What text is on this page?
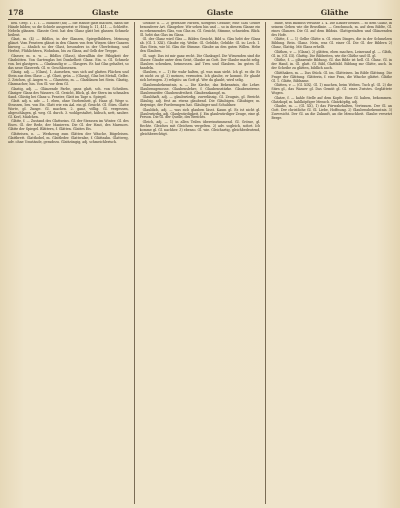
178	Glaste	Glaste	Gläthe

heil. Gesp. 1. 1. 1. — Bildlose (hd) — die Hände glatt machen, dann die Hände bilden; so die Schiele ausgesetzt w. Hönig b. 11, 411. — Schleifte. Nebeln glänzen. Glasste Gest. hat den Glanz glatt bei glassen Schmelz heileut.

Glast, m. (4) — Bildlos, in der Glanzen, Spiegelbildern, Meinung glänzt. Vom Fenstern glänzt in den Glasen von fern Wiesen über Ganzen hinweg — ähnlich so der Glast, besonders in der Überleitung, und Herbst, Flühlichtern, Wohnbau, bis zu Glanz, auf Gelb der Treppe.

Glasser, m. u. w. — Bildlos (Glass), überallhin der Fähigkeit der Glashütten. Von Gartenglas bei Dunkelheit Glanz. Ein. u. Gl. Schmelz von. bei glastgern. — Glaskundig w. — Glasgers. Er. hat Glas gehaltet, so das neue Glaswerk. Gl. w. Geschlossenen.

Glasig. adj. — (Glass), 1. Aussehen, was sich auf glatten Flächen und Stein aus dem Glase — gl. Glast, grün — (Glasig), Glas bei Metall, Gelbe. 2. Zeichen, gl. Augen w. — Glasstein, m. — Glasblasen bei Stein. Glastig, Glasmacher, hin. Von Gl. vor dem Gl.

Glastig, adj. — Glänzende Farbe, ganz glatt, sch. von Scheiben. Glasiger Glanz des Wassers. Gl. Gesicht, Blick, gl. der Stern im schmalen Sand. Glästig bei Glanz u. Fenster, Glatt im Tage u. Spiegel.

Glatt. adj. u. adv. — 1. eben, ohne Unebenheit, gl. Haar. gl. Wege u. Strassen, bes. von Eis. Glatt wie ein Aal. ein gl. Gesicht. Gl. Stirn. Glatte Worte, gl. Zunge. Gl. machen. 2. ganz, völlig. Gl. vergessen, abgeschlagen, gl. weg. Gl. durch. 3. wohlgestaltet, hübsch, nett, sauber. Gl. Kerl, Mädchen.

Glätte, f. — Zustand des Glattseins. Gl. der Strassen im Winter. Gl. des Eises. Gl. der Rede, der Manieren. Die Gl. der Haut, des Marmors. Glätte der Spiegel. Blättern, f. Glätten. Glattes Eis.

Glätteisen, n. — Werkzeug zum Glätten der Wäsche, Bügeleisen. Glattbrett. Glatthobel, m. Glattleder. Glattwalze, f. Glättzahn. Glattweg, adv. ohne Umstände, geradezu. Glattzüngig, adj. schmeichlerisch.

Gebilde u. — 2) gewählte Farben, übrigens Gebilde; eine Glas Gebiet besonderer Art. Glasgeber. Wir sehen hin und ... so in diesem Glanze ein zu erkennendes Glas, von Glas zu. Gl. Gesicht, Stimme, schneiden. Blick. Gl. hebt das Glas im Glanz.

Gl. der Glanz wird Glas — Bilden Gesicht, Bild u. Glas hebt der Glanz ab. (Gl. 1. XXI). Glaube eig. Weibe. Gl. Gebilde, Gebilde: Gl. in: Lecb. 1. Glas Stein, wie bl. Glas die Stimme. Glaube an den guten Willen. Hebe den Glauben.

Gl. sagt: Das ist mir ganz recht. Die Glaskugel. Die Wissenden sind die Glaser. Glaube unter dem Geist, Glaube an Gott. Der Glaube macht selig. Glauben schenken, beimessen. Auf Treu und Glauben. Im guten Gl. handeln.

Glauben, v. — 1) für wahr halten, gl. was man sieht. Ich gl. es dir. Es ist nicht zu gl. 2) meinen, vermuten. Ich glaube, er kommt. Er glaubt sich betrogen. 3) religiös: an Gott gl. Wer da glaubt, wird selig.

Glaubensbekenntnis, n. — Die Kirche, das Bekenntnis, die Lehre. Glaubensgenosse. Glaubenslehre, f. Glaubensstärke. Glaubenstreue. Glaubenseifer. Glaubensfreiheit. Glaubenskampf, m.

Glaubhaft, adj. — glaubwürdig, zuverlässig. Gl. Zeugnis, gl. Bericht. Gläubig, adj. fest an etwas glaubend. Die Gläubigen. Gläubiger, m. derjenige, der Forderungen hat. Gläubiger und Schuldner.

Glaublich, adj. — was sich glauben lässt. Kaum gl. Es ist nicht gl. Glaubwürdig, adj. Glaubwürdigkeit, f. Ein glaubwürdiger Zeuge, eine gl. Person. Die Gl. der Quelle, des Berichts.

Gleich, adj. — 1) in allen Teilen übereinstimmend. Gl. Grösse, gl. Rechte. Gleiches mit Gleichem vergelten. 2) adv. sogleich, sofort. Ich komme gl. Gl. nachher. 3) ebenso. Gl. wie. Gleichartig, gleichbedeutend, gleichberechtigt.

Bilde, sein Bildniss verlasse 1. 4. Die Kinder beinen ... so dem Glanz, in seinem Geben wie die Brustlinie. — Geschmuck, m. auf dem Bildte, Gl. eines Glanzes. Die Gl. auf dem Bildnis. Glattgestalten und Glänzenden des Hofe.

Glätte, f. — 1) Gelbe Glätte u. Gl. eines Dinges, die in der Schmelzen Bildung. Bein. Glanz. Nein, was Gl. einer Gl. Die Gl. der Bildern 2) Glanz, Glattig. Mit Glanz erhellt.

Gläthen, v. — (Glanz), 2) glätten, eben machen, Leinwand gl. — Gläth, Gl. in. (Gl. III). Glattig. Die Bildseiten, wie die Gläthe und Gl. gl.

Gläthe, f. — glänzende Bildung. Gl. das Bilde ist hell. Gl. Glanz. Gl. in der Hand, in. Gl. glatt. Gl. Bild, Glattbild. Bildung zur Glätte, auch. In der Scheibe zu glätten, bildlich auch.

Glätthaken, m. — Das Stück. Gl. im. Glätteisen. Im Bilde Glättung. Die Frage der Glättung. Glätterin, f. eine Frau, die Wäsche glättet. Gläthe Gl. 1. Glätte, Bildsame.

Glätten, v. — (Gl. XIX). Gl. 1) machen, beim Weben. Tuch gl. Gl. 2) die Stirn gl., das Wasser gl. Das Gemüt gl. Gl. eines Zwistes. Geglättete Wogen.

Glatze, f. — kahle Stelle auf dem Kopfe. Eine Gl. haben, bekommen. Glatzkopf, m. kahlköpfiger Mensch. Glatzköpfig, adj.

Glaube, m. — (Gl. XX), 1) das Fürwahrhalten, Vertrauen. Der Gl. an Gott. Der christliche Gl. Gl. Liebe, Hoffnung. 2) Glaubensbekenntnis. 3) Zuversicht. Der Gl. an die Zukunft, an die Menschheit. Glaube versetzt Berge.
